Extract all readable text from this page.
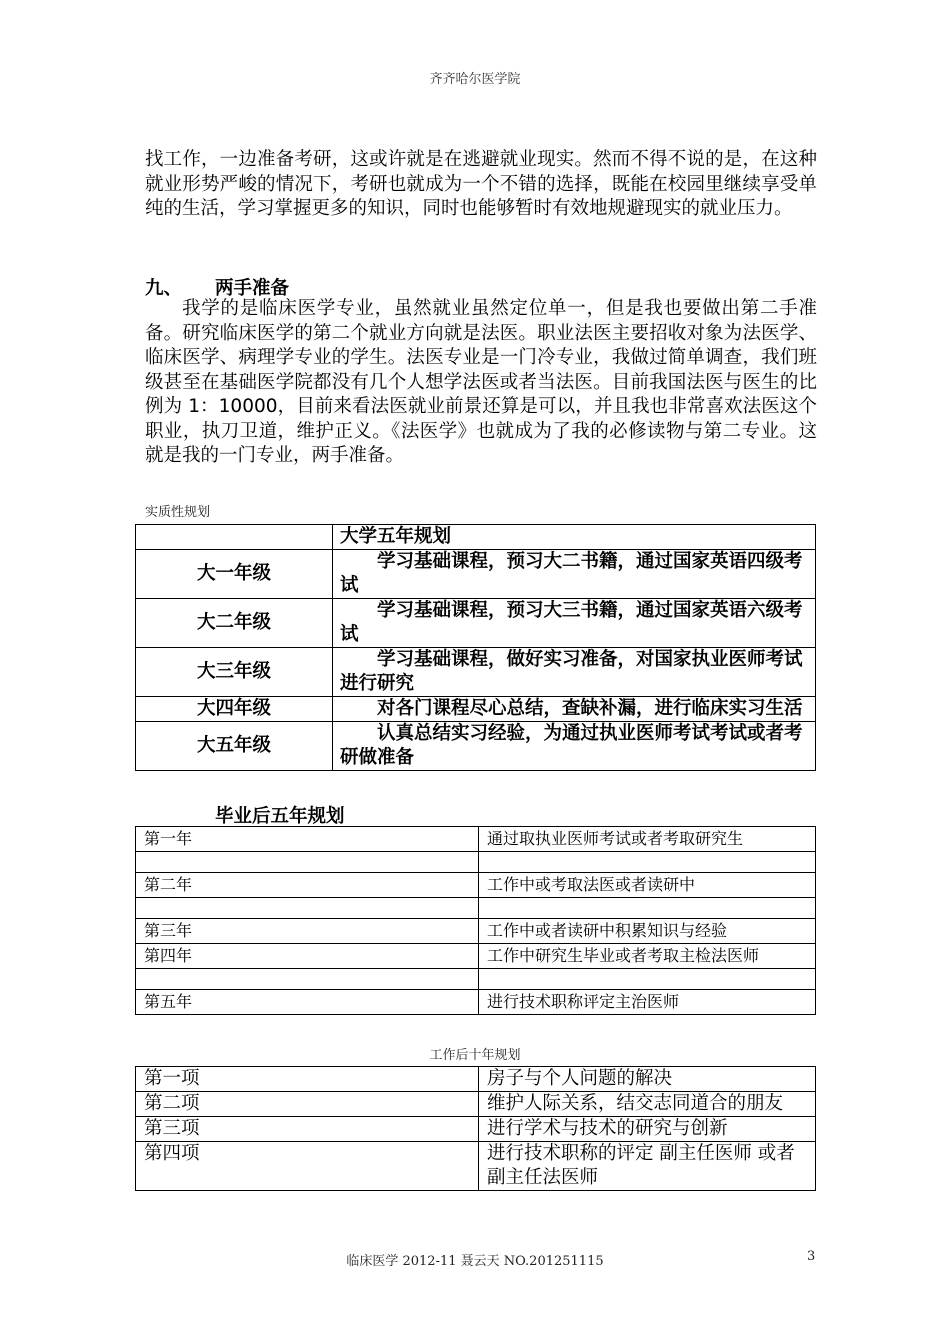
齐齐哈尔医学院
找工作，一边准备考研，这或许就是在逃避就业现实。然而不得不说的是，在这种就业形势严峻的情况下，考研也就成为一个不错的选择，既能在校园里继续享受单纯的生活，学习掌握更多的知识，同时也能够暂时有效地规避现实的就业压力。
九、 两手准备
我学的是临床医学专业，虽然就业虽然定位单一，但是我也要做出第二手准备。研究临床医学的第二个就业方向就是法医。职业法医主要招收对象为法医学、临床医学、病理学专业的学生。法医专业是一门冷专业，我做过简单调查，我们班级甚至在基础医学院都没有几个人想学法医或者当法医。目前我国法医与医生的比例为 1：10000，目前来看法医就业前景还算是可以，并且我也非常喜欢法医这个职业，执刀卫道，维护正义。《法医学》也就成为了我的必修读物与第二专业。这就是我的一门专业，两手准备。
实质性规划
	大学五年规划
大一年级	学习基础课程，预习大二书籍，通过国家英语四级考试
大二年级	学习基础课程，预习大三书籍，通过国家英语六级考试
大三年级	学习基础课程，做好实习准备，对国家执业医师考试进行研究
大四年级	对各门课程尽心总结，查缺补漏，进行临床实习生活
大五年级	认真总结实习经验，为通过执业医师考试考试或者考研做准备
毕业后五年规划
第一年	通过取执业医师考试或者考取研究生

第二年	工作中或考取法医或者读研中

第三年	工作中或者读研中积累知识与经验
第四年	工作中研究生毕业或者考取主检法医师

第五年	进行技术职称评定主治医师
工作后十年规划
第一项	房子与个人问题的解决
第二项	维护人际关系，结交志同道合的朋友
第三项	进行学术与技术的研究与创新
第四项	进行技术职称的评定 副主任医师 或者副主任法医师
临床医学 2012-11 聂云天 NO.201251115	3
